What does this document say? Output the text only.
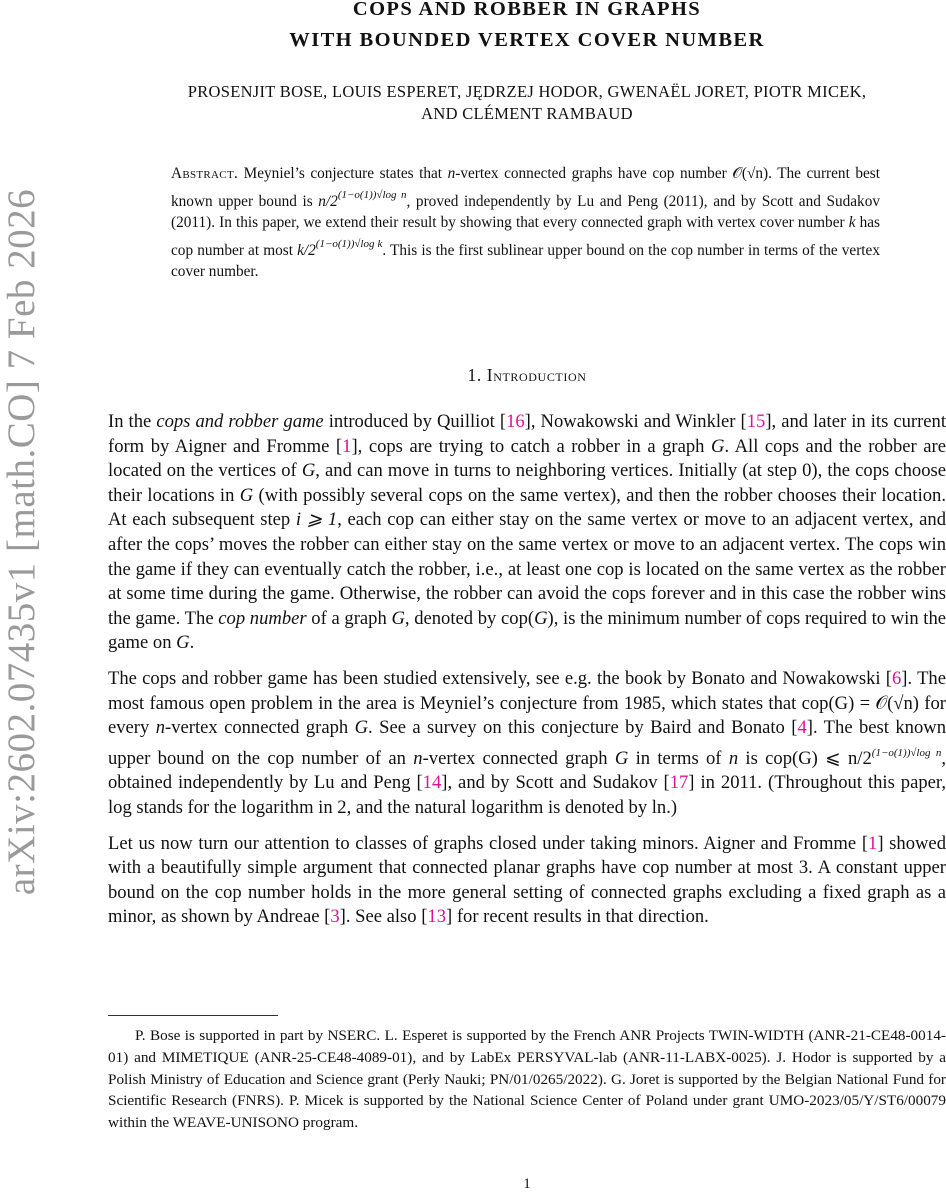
arXiv:2602.07435v1 [math.CO] 7 Feb 2026
COPS AND ROBBER IN GRAPHS
WITH BOUNDED VERTEX COVER NUMBER
PROSENJIT BOSE, LOUIS ESPERET, JĘDRZEJ HODOR, GWENAËL JORET, PIOTR MICEK,
AND CLÉMENT RAMBAUD
Abstract. Meyniel’s conjecture states that n-vertex connected graphs have cop number 𝒪(√n). The current best known upper bound is $n/2^{(1-o(1))√log n}$, proved independently by Lu and Peng (2011), and by Scott and Sudakov (2011). In this paper, we extend their result by showing that every connected graph with vertex cover number k has cop number at most $k/2^{(1-o(1))√log k}$. This is the first sublinear upper bound on the cop number in terms of the vertex cover number.
1. Introduction

In the cops and robber game introduced by Quilliot [16], Nowakowski and Winkler [15], and later in its current form by Aigner and Fromme [1], cops are trying to catch a robber in a graph G. All cops and the robber are located on the vertices of G, and can move in turns to neighboring vertices. Initially (at step 0), the cops choose their locations in G (with possibly several cops on the same vertex), and then the robber chooses their location. At each subsequent step i ⩾ 1, each cop can either stay on the same vertex or move to an adjacent vertex, and after the cops’ moves the robber can either stay on the same vertex or move to an adjacent vertex. The cops win the game if they can eventually catch the robber, i.e., at least one cop is located on the same vertex as the robber at some time during the game. Otherwise, the robber can avoid the cops forever and in this case the robber wins the game. The cop number of a graph G, denoted by cop(G), is the minimum number of cops required to win the game on G.

The cops and robber game has been studied extensively, see e.g. the book by Bonato and Nowakowski [6]. The most famous open problem in the area is Meyniel’s conjecture from 1985, which states that cop(G) = 𝒪(√n) for every n-vertex connected graph G. See a survey on this conjecture by Baird and Bonato [4]. The best known upper bound on the cop number of an n-vertex connected graph G in terms of n is cop(G) ⩽ $n/2^{(1-o(1))√log n}$, obtained independently by Lu and Peng [14], and by Scott and Sudakov [17] in 2011. (Throughout this paper, log stands for the logarithm in 2, and the natural logarithm is denoted by ln.)

Let us now turn our attention to classes of graphs closed under taking minors. Aigner and Fromme [1] showed with a beautifully simple argument that connected planar graphs have cop number at most 3. A constant upper bound on the cop number holds in the more general setting of connected graphs excluding a fixed graph as a minor, as shown by Andreae [3]. See also [13] for recent results in that direction.

P. Bose is supported in part by NSERC. L. Esperet is supported by the French ANR Projects TWIN-WIDTH (ANR-21-CE48-0014-01) and MIMETIQUE (ANR-25-CE48-4089-01), and by LabEx PERSYVAL-lab (ANR-11-LABX-0025). J. Hodor is supported by a Polish Ministry of Education and Science grant (Perły Nauki; PN/01/0265/2022). G. Joret is supported by the Belgian National Fund for Scientific Research (FNRS). P. Micek is supported by the National Science Center of Poland under grant UMO-2023/05/Y/ST6/00079 within the WEAVE-UNISONO program.
1
